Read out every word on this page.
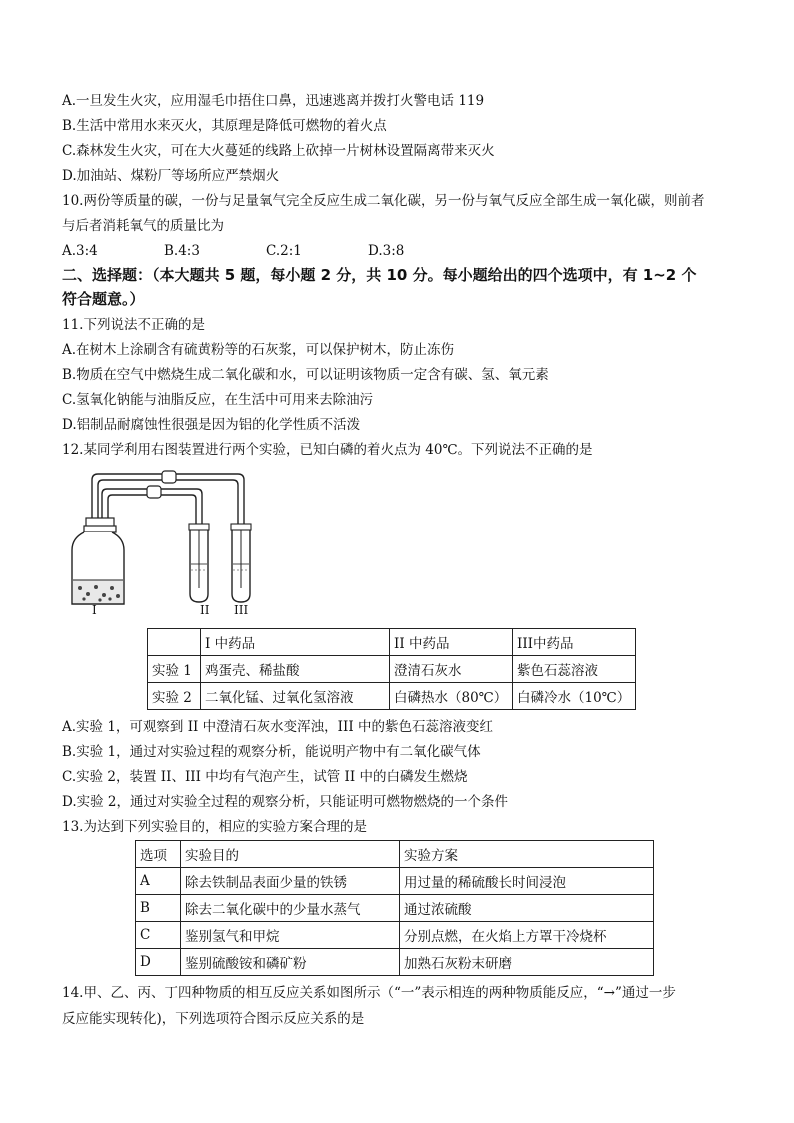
A.一旦发生火灾，应用湿毛巾捂住口鼻，迅速逃离并拨打火警电话 119
B.生活中常用水来灭火，其原理是降低可燃物的着火点
C.森林发生火灾，可在大火蔓延的线路上砍掉一片树林设置隔离带来灭火
D.加油站、煤粉厂等场所应严禁烟火
10.两份等质量的碳，一份与足量氧气完全反应生成二氧化碳，另一份与氧气反应全部生成一氧化碳，则前者
与后者消耗氧气的质量比为
A.3:4	B.4:3	C.2:1	D.3:8
二、选择题：（本大题共 5 题，每小题 2 分，共 10 分。每小题给出的四个选项中，有 1~2 个
符合题意。）
11.下列说法不正确的是
A.在树木上涂刷含有硫黄粉等的石灰浆，可以保护树木，防止冻伤
B.物质在空气中燃烧生成二氧化碳和水，可以证明该物质一定含有碳、氢、氧元素
C.氢氧化钠能与油脂反应，在生活中可用来去除油污
D.铝制品耐腐蚀性很强是因为铝的化学性质不活泼
12.某同学利用右图装置进行两个实验，已知白磷的着火点为 40℃。下列说法不正确的是
I	II III
	I 中药品	II 中药品	III中药品
实验 1	鸡蛋壳、稀盐酸	澄清石灰水	紫色石蕊溶液
实验 2	二氧化锰、过氧化氢溶液	白磷热水（80℃）	白磷冷水（10℃）
A.实验 1，可观察到 II 中澄清石灰水变浑浊，III 中的紫色石蕊溶液变红
B.实验 1，通过对实验过程的观察分析，能说明产物中有二氧化碳气体
C.实验 2，装置 II、III 中均有气泡产生，试管 II 中的白磷发生燃烧
D.实验 2，通过对实验全过程的观察分析，只能证明可燃物燃烧的一个条件
13.为达到下列实验目的，相应的实验方案合理的是
选项	实验目的	实验方案
A	除去铁制品表面少量的铁锈	用过量的稀硫酸长时间浸泡
B	除去二氧化碳中的少量水蒸气	通过浓硫酸
C	鉴别氢气和甲烷	分别点燃，在火焰上方罩干冷烧杯
D	鉴别硫酸铵和磷矿粉	加熟石灰粉末研磨
14.甲、乙、丙、丁四种物质的相互反应关系如图所示（“一”表示相连的两种物质能反应，“→”通过一步
反应能实现转化)，下列选项符合图示反应关系的是
